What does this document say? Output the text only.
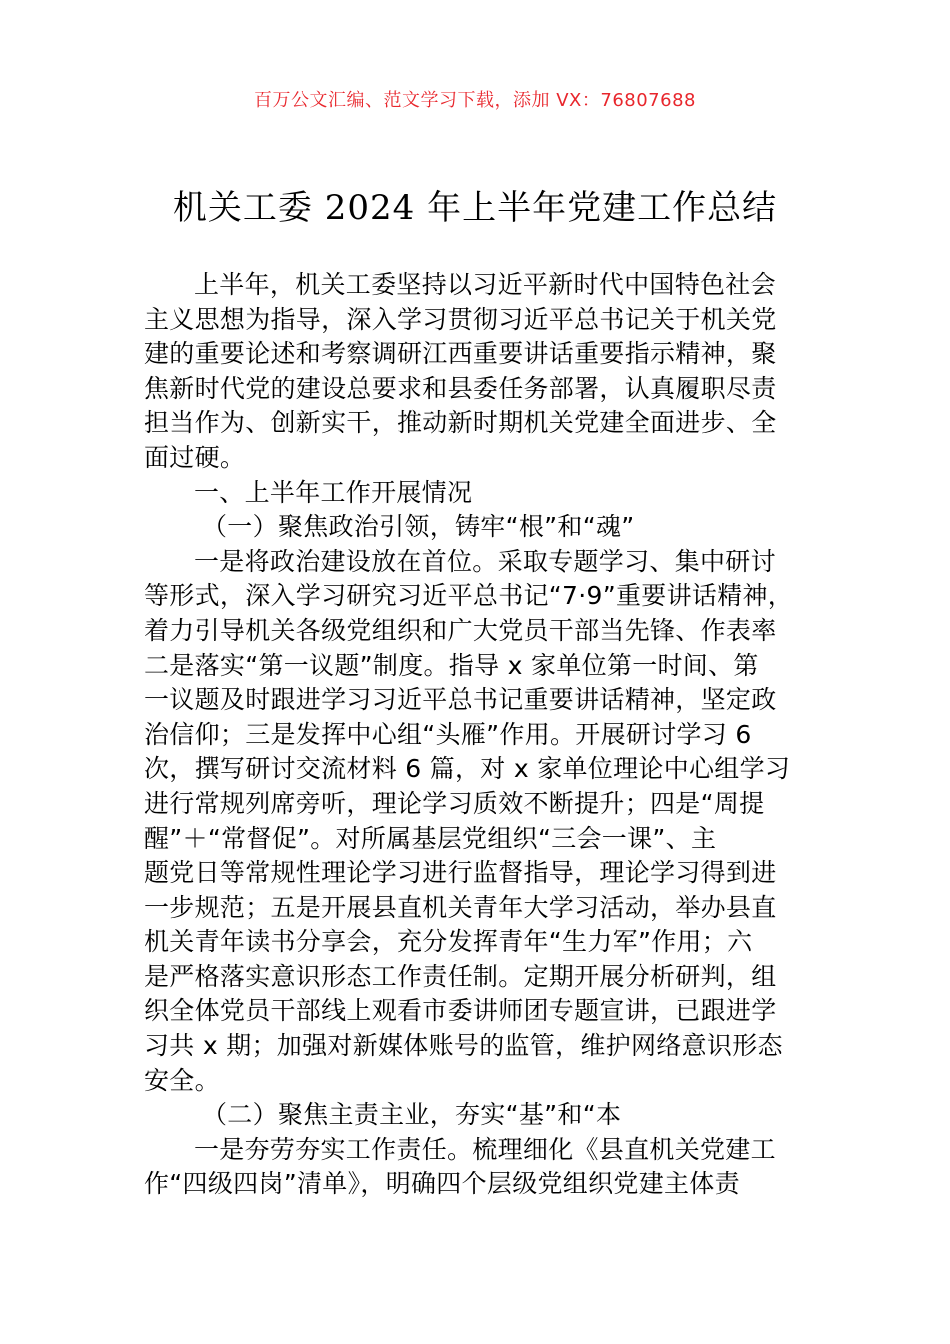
百万公文汇编、范文学习下载，添加 VX：76807688
机关工委 2024 年上半年党建工作总结
上半年，机关工委坚持以习近平新时代中国特色社会
主义思想为指导，深入学习贯彻习近平总书记关于机关党
建的重要论述和考察调研江西重要讲话重要指示精神，聚
焦新时代党的建设总要求和县委任务部署，认真履职尽责
担当作为、创新实干，推动新时期机关党建全面进步、全
面过硬。
一、上半年工作开展情况
（一）聚焦政治引领，铸牢“根”和“魂”
一是将政治建设放在首位。采取专题学习、集中研讨
等形式，深入学习研究习近平总书记“7·9”重要讲话精神，
着力引导机关各级党组织和广大党员干部当先锋、作表率
二是落实“第一议题”制度。指导 x 家单位第一时间、第
一议题及时跟进学习习近平总书记重要讲话精神，坚定政
治信仰；三是发挥中心组“头雁”作用。开展研讨学习 6
次，撰写研讨交流材料 6 篇，对 x 家单位理论中心组学习
进行常规列席旁听，理论学习质效不断提升；四是“周提
醒”＋“常督促”。对所属基层党组织“三会一课”、主
题党日等常规性理论学习进行监督指导，理论学习得到进
一步规范；五是开展县直机关青年大学习活动，举办县直
机关青年读书分享会，充分发挥青年“生力军”作用；六
是严格落实意识形态工作责任制。定期开展分析研判，组
织全体党员干部线上观看市委讲师团专题宣讲，已跟进学
习共 x 期；加强对新媒体账号的监管，维护网络意识形态
安全。
（二）聚焦主责主业，夯实“基”和“本
一是夯劳夯实工作责任。梳理细化《县直机关党建工
作“四级四岗”清单》，明确四个层级党组织党建主体责
